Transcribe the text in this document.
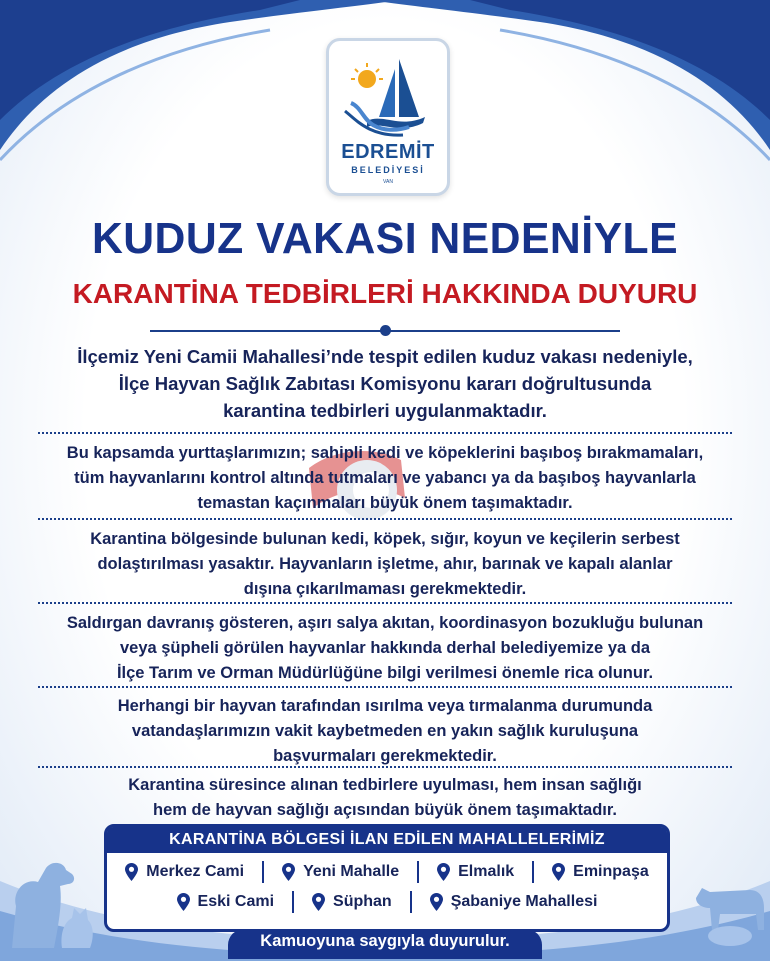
EDREMİT
BELEDİYESİ
VAN
KUDUZ VAKASI NEDENİYLE
KARANTİNA TEDBİRLERİ HAKKINDA DUYURU
İlçemiz Yeni Camii Mahallesi’nde tespit edilen kuduz vakası nedeniyle,
İlçe Hayvan Sağlık Zabıtası Komisyonu kararı doğrultusunda
karantina tedbirleri uygulanmaktadır.
Bu kapsamda yurttaşlarımızın; sahipli kedi ve köpeklerini başıboş bırakmamaları,
tüm hayvanlarını kontrol altında tutmaları ve yabancı ya da başıboş hayvanlarla
temastan kaçınmaları büyük önem taşımaktadır.
Karantina bölgesinde bulunan kedi, köpek, sığır, koyun ve keçilerin serbest
dolaştırılması yasaktır. Hayvanların işletme, ahır, barınak ve kapalı alanlar
dışına çıkarılmaması gerekmektedir.
Saldırgan davranış gösteren, aşırı salya akıtan, koordinasyon bozukluğu bulunan
veya şüpheli görülen hayvanlar hakkında derhal belediyemize ya da
İlçe Tarım ve Orman Müdürlüğüne bilgi verilmesi önemle rica olunur.
Herhangi bir hayvan tarafından ısırılma veya tırmalanma durumunda
vatandaşlarımızın vakit kaybetmeden en yakın sağlık kuruluşuna
başvurmaları gerekmektedir.
Karantina süresince alınan tedbirlere uyulması, hem insan sağlığı
hem de hayvan sağlığı açısından büyük önem taşımaktadır.
KARANTİNA BÖLGESİ İLAN EDİLEN MAHALLELERİMİZ
Merkez Cami	Yeni Mahalle	Elmalık	Eminpaşa
Eski Cami	Süphan	Şabaniye Mahallesi
Kamuoyuna saygıyla duyurulur.
